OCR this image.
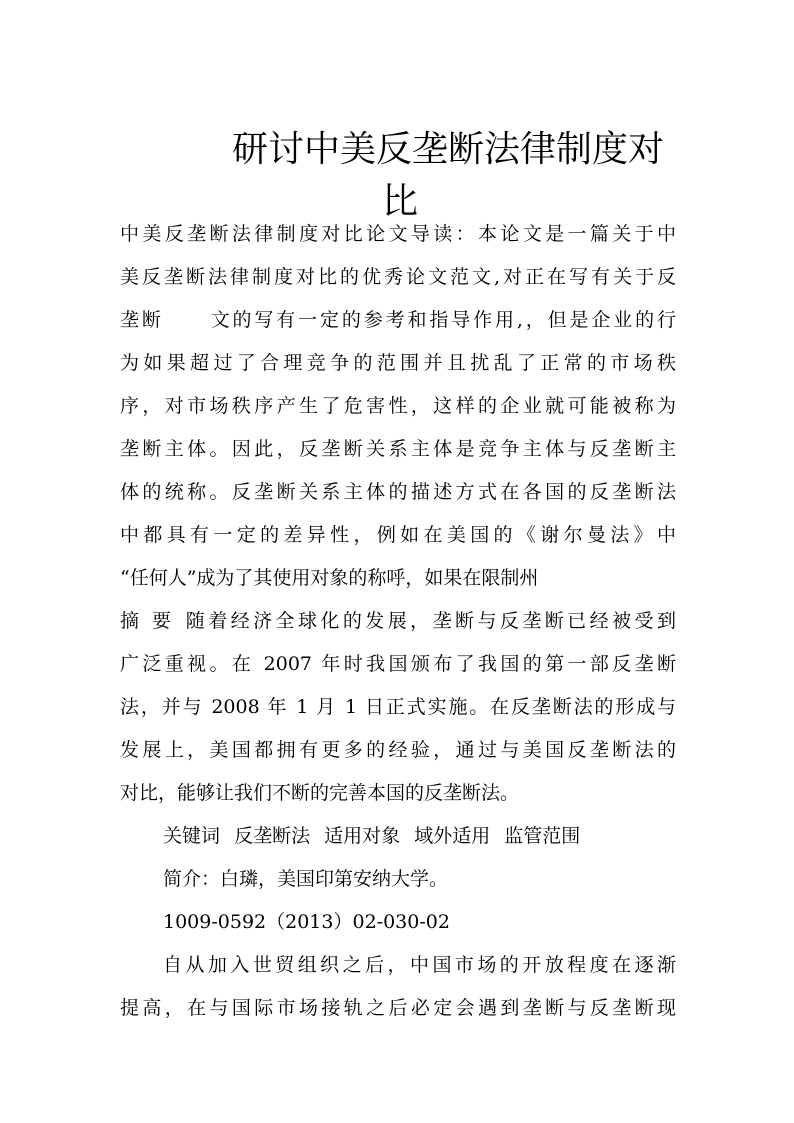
研讨中美反垄断法律制度对
比
中美反垄断法律制度对比论文导读：本论文是一篇关于中
美反垄断法律制度对比的优秀论文范文,对正在写有关于反
垄断 文的写有一定的参考和指导作用,，但是企业的行
为如果超过了合理竞争的范围并且扰乱了正常的市场秩
序，对市场秩序产生了危害性，这样的企业就可能被称为
垄断主体。因此，反垄断关系主体是竞争主体与反垄断主
体的统称。反垄断关系主体的描述方式在各国的反垄断法
中都具有一定的差异性，例如在美国的《谢尔曼法》中
“任何人”成为了其使用对象的称呼，如果在限制州
摘 要 随着经济全球化的发展，垄断与反垄断已经被受到
广泛重视。在 2007 年时我国颁布了我国的第一部反垄断
法，并与 2008 年 1 月 1 日正式实施。在反垄断法的形成与
发展上，美国都拥有更多的经验，通过与美国反垄断法的
对比，能够让我们不断的完善本国的反垄断法。
关键词 反垄断法 适用对象 域外适用 监管范围
简介：白璘，美国印第安纳大学。
1009-0592（2013）02-030-02
自从加入世贸组织之后，中国市场的开放程度在逐渐
提高，在与国际市场接轨之后必定会遇到垄断与反垄断现
